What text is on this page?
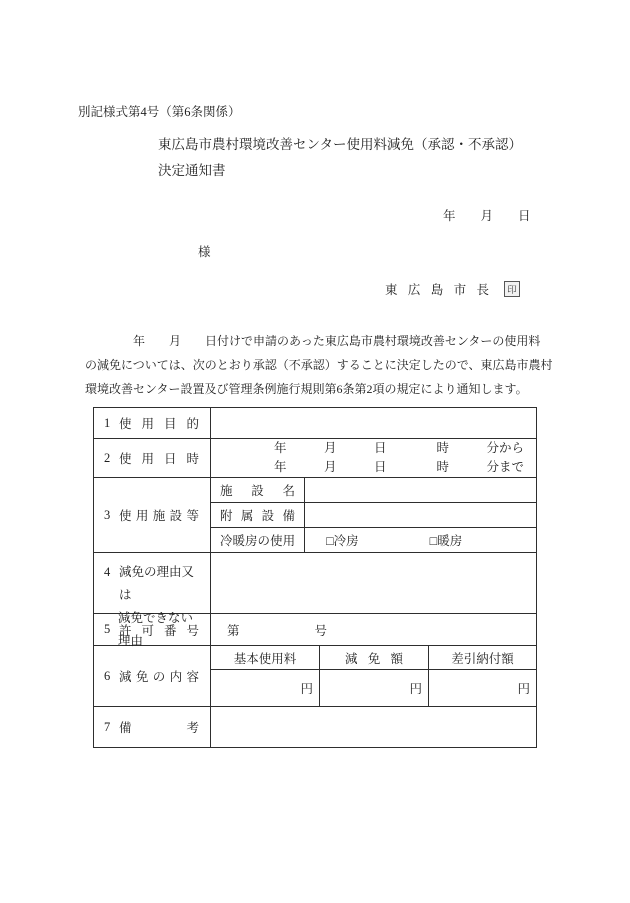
別記様式第4号（第6条関係）
東広島市農村環境改善センター使用料減免（承認・不承認）
決定通知書
年　　月　　日
様
東 広 島 市 長	印
　　　　年　　月　　日付けで申請のあった東広島市農村環境改善センターの使用料
の減免については、次のとおり承認（不承認）することに決定したので、東広島市農村
環境改善センター設置及び管理条例施行規則第6条第2項の規定により通知します。
1 使 用 目 的
2 使 用 日 時
年　　　月　　　日　　　　時　　　分から
年　　　月　　　日　　　　時　　　分まで
3 使 用 施 設 等
施 設 名
附 属 設 備
冷 暖 房 の 使 用 □冷房	□暖房
4 減免の理由又は
減免できない理由
5 許 可 番 号	第　　　　　　号
6 減 免 の 内 容
基本使用料	減 免 額	差引納付額
円	円	円
7 備	考
